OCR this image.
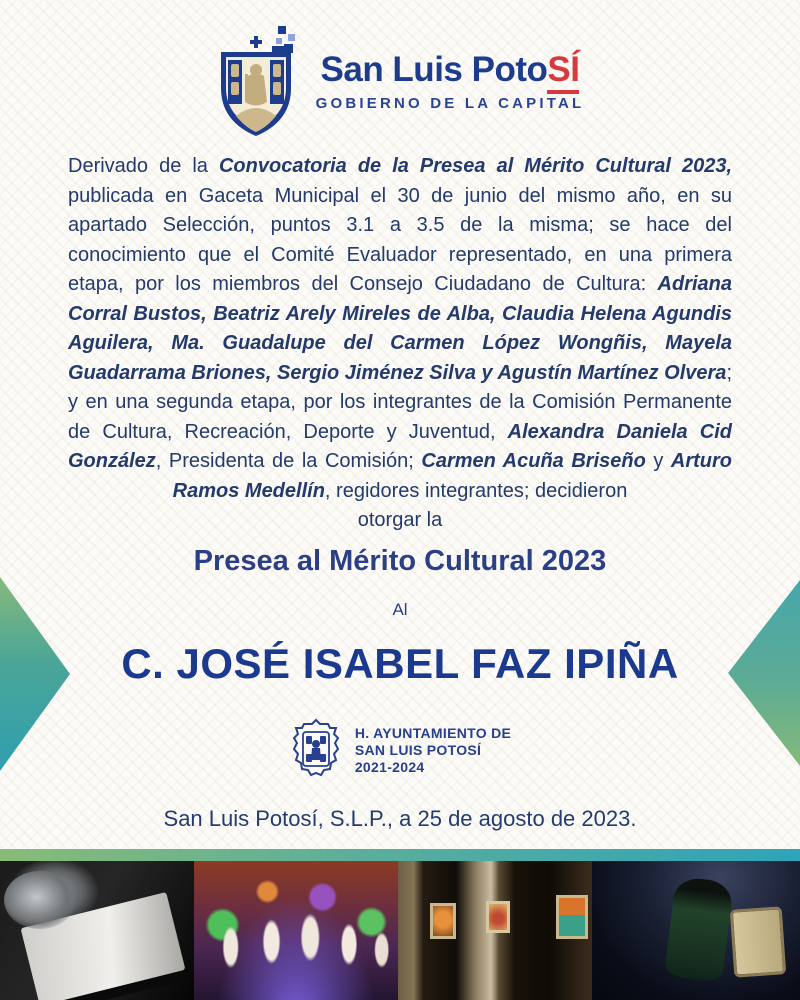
San Luis PotoSÍ
GOBIERNO DE LA CAPITAL

Derivado de la Convocatoria de la Presea al Mérito Cultural 2023, publicada en Gaceta Municipal el 30 de junio del mismo año, en su apartado Selección, puntos 3.1 a 3.5 de la misma; se hace del conocimiento que el Comité Evaluador representado, en una primera etapa, por los miembros del Consejo Ciudadano de Cultura: Adriana Corral Bustos, Beatriz Arely Mireles de Alba, Claudia Helena Agundis Aguilera, Ma. Guadalupe del Carmen López Wongñis, Mayela Guadarrama Briones, Sergio Jiménez Silva y Agustín Martínez Olvera; y en una segunda etapa, por los integrantes de la Comisión Permanente de Cultura, Recreación, Deporte y Juventud, Alexandra Daniela Cid González, Presidenta de la Comisión; Carmen Acuña Briseño y Arturo Ramos Medellín, regidores integrantes; decidieron

otorgar la
Presea al Mérito Cultural 2023
Al
C. JOSÉ ISABEL FAZ IPIÑA
H. AYUNTAMIENTO DE
SAN LUIS POTOSÍ
2021-2024
San Luis Potosí, S.L.P., a 25 de agosto de 2023.
